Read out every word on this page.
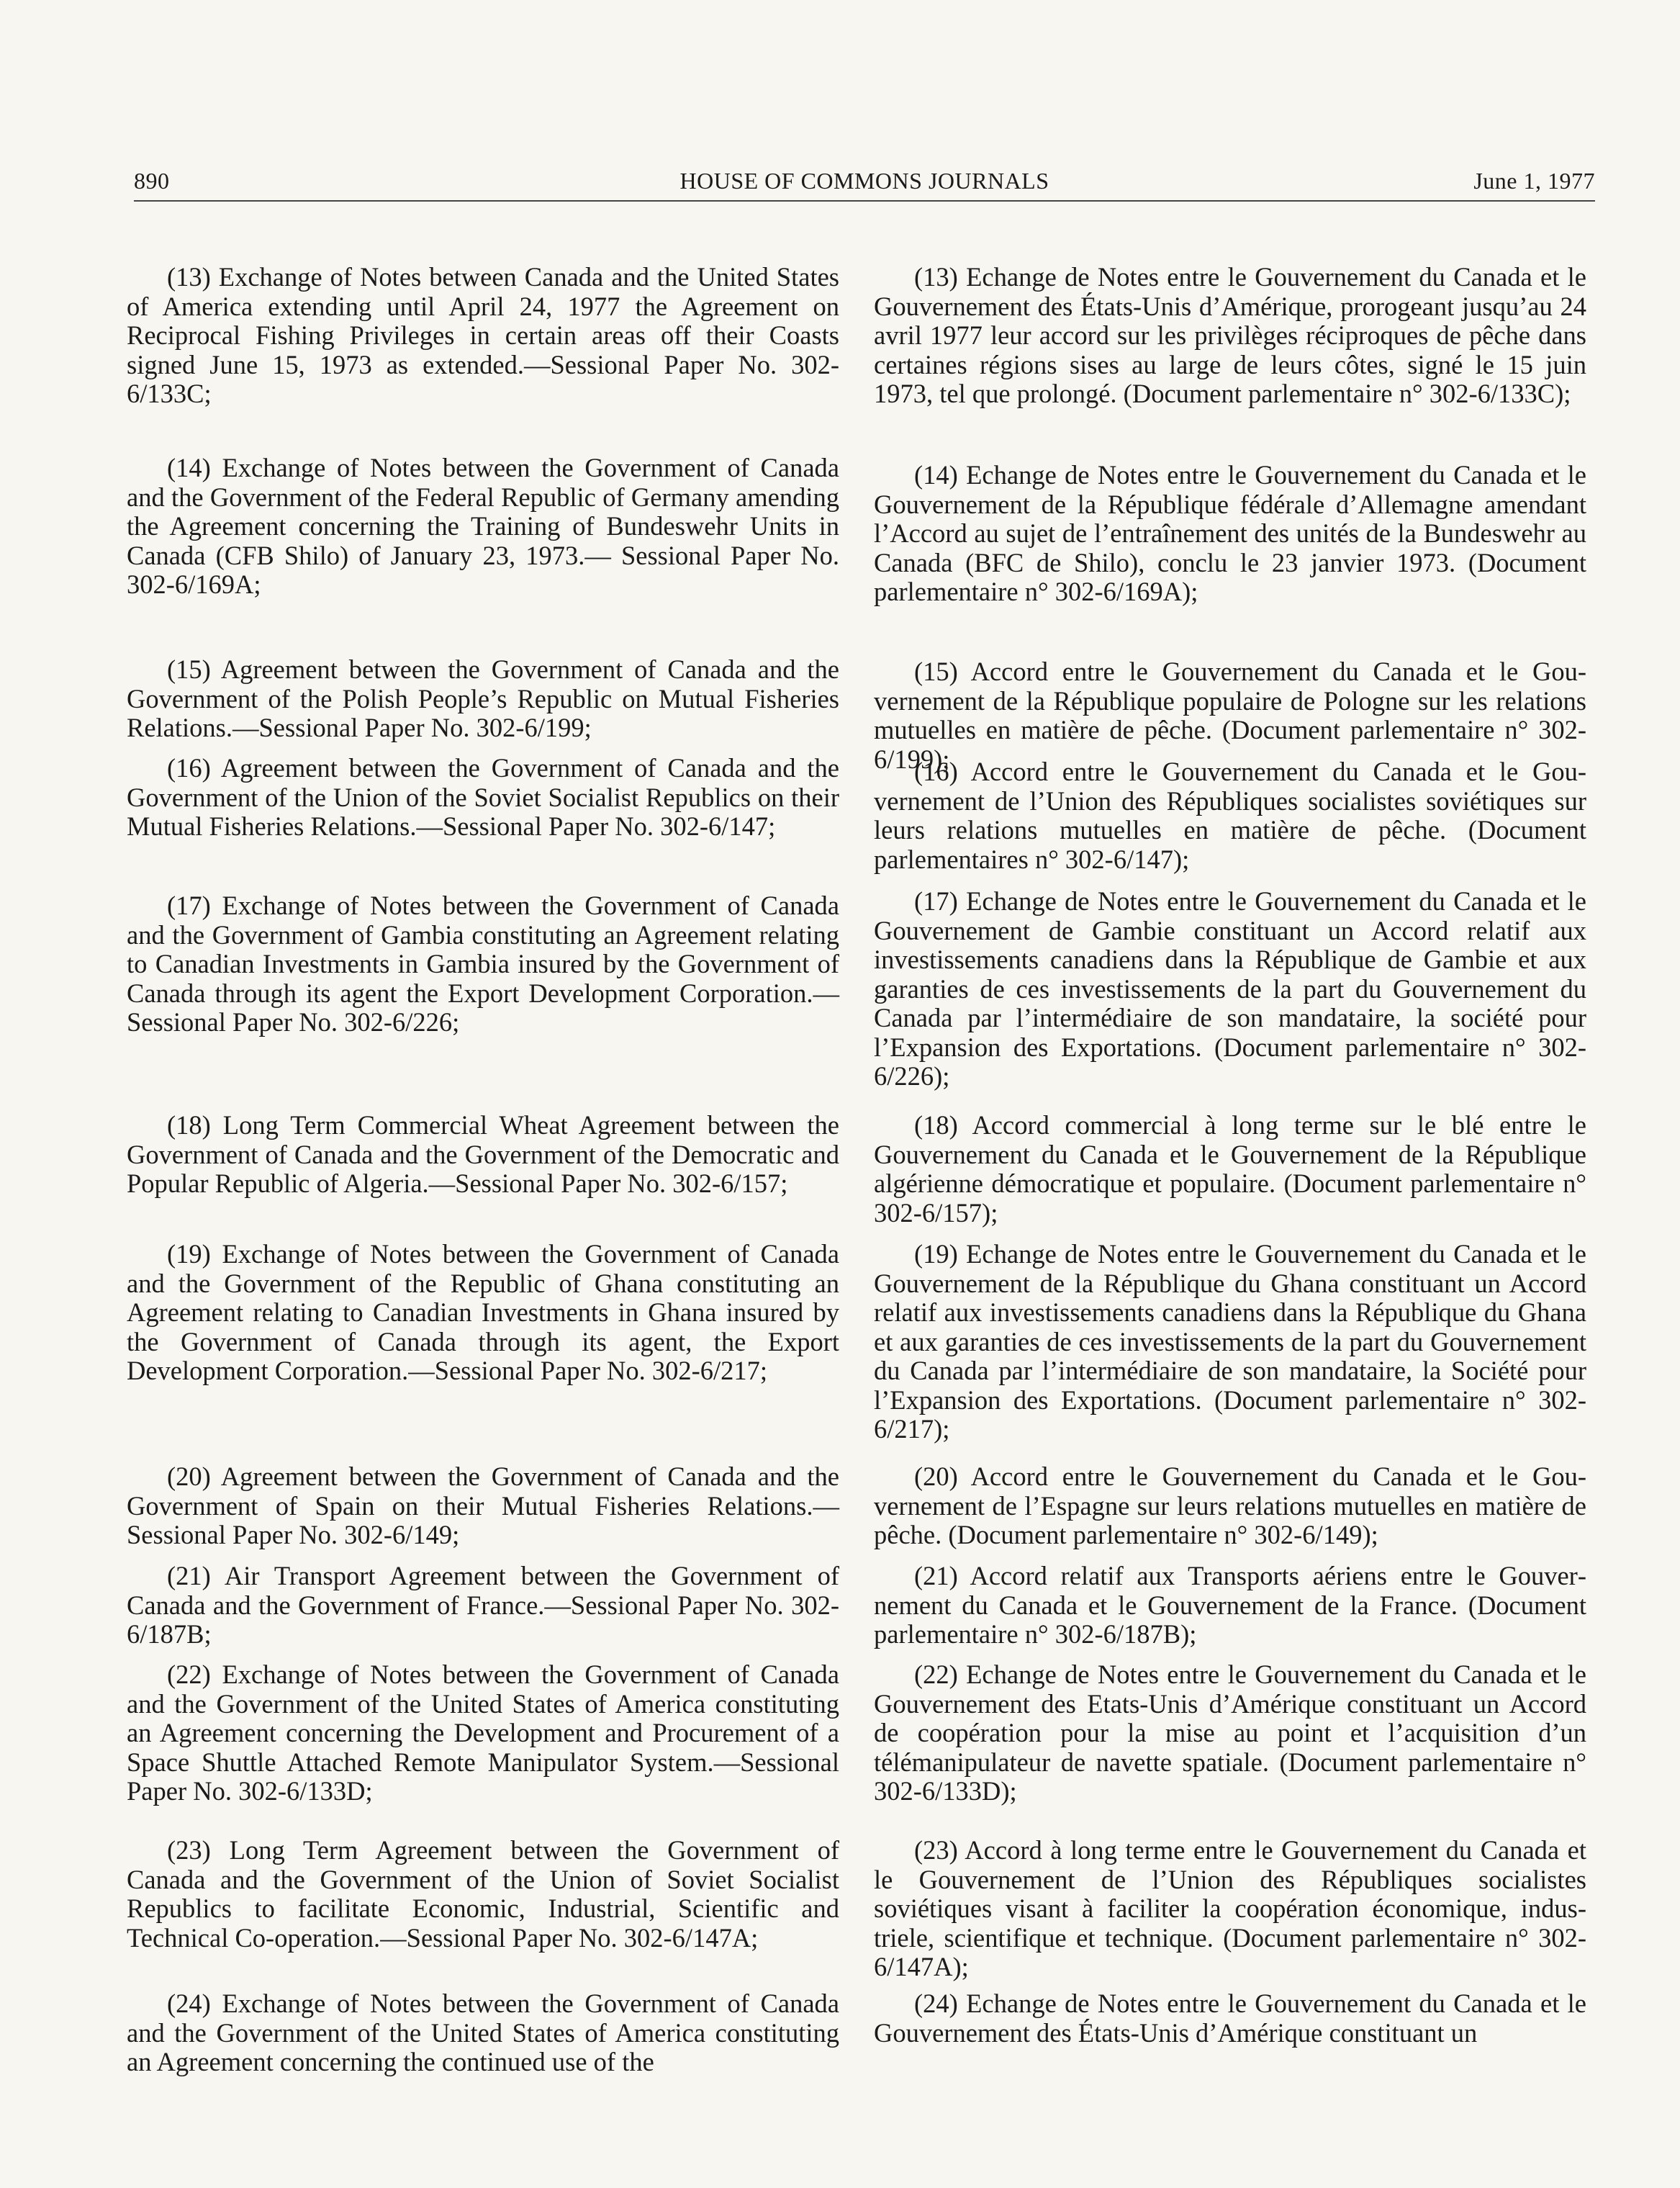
890	HOUSE OF COMMONS JOURNALS	June 1, 1977

(13) Exchange of Notes between Canada and the United States of America extending until April 24, 1977 the Agreement on Reciprocal Fishing Privileges in certain areas off their Coasts signed June 15, 1973 as extended.—Sessional Paper No. 302-6/133C;

(14) Exchange of Notes between the Government of Canada and the Government of the Federal Republic of Germany amending the Agreement concerning the Training of Bundeswehr Units in Canada (CFB Shilo) of January 23, 1973.— Sessional Paper No. 302-6/169A;

(15) Agreement between the Government of Canada and the Government of the Polish People’s Republic on Mutual Fisheries Relations.—Sessional Paper No. 302-6/199;

(16) Agreement between the Government of Canada and the Government of the Union of the Soviet Socialist Republics on their Mutual Fisheries Relations.—Sessional Paper No. 302-6/147;

(17) Exchange of Notes between the Government of Canada and the Government of Gambia constituting an Agreement relating to Canadian Investments in Gambia insured by the Government of Canada through its agent the Export Development Corporation.—Sessional Paper No. 302-6/226;

(18) Long Term Commercial Wheat Agreement between the Government of Canada and the Government of the Democratic and Popular Republic of Algeria.—Sessional Paper No. 302-6/157;

(19) Exchange of Notes between the Government of Canada and the Government of the Republic of Ghana constituting an Agreement relating to Canadian Investments in Ghana insured by the Government of Canada through its agent, the Export Development Corporation.—Sessional Paper No. 302-6/217;

(20) Agreement between the Government of Canada and the Government of Spain on their Mutual Fisheries Relations.—Sessional Paper No. 302-6/149;

(21) Air Transport Agreement between the Government of Canada and the Government of France.—Sessional Paper No. 302-6/187B;

(22) Exchange of Notes between the Government of Canada and the Government of the United States of America constituting an Agreement concerning the Development and Procurement of a Space Shuttle Attached Remote Manipulator System.—Sessional Paper No. 302-6/133D;

(23) Long Term Agreement between the Government of Canada and the Government of the Union of Soviet Socialist Republics to facilitate Economic, Industrial, Scientific and Technical Co-operation.—Sessional Paper No. 302-6/147A;

(24) Exchange of Notes between the Government of Canada and the Government of the United States of America constituting an Agreement concerning the continued use of the

(13) Echange de Notes entre le Gouvernement du Canada et le Gouvernement des États-Unis d’Amérique, prorogeant jusqu’au 24 avril 1977 leur accord sur les privilèges réciproques de pêche dans certaines régions sises au large de leurs côtes, signé le 15 juin 1973, tel que prolongé. (Document parlementaire n° 302-6/133C);

(14) Echange de Notes entre le Gouvernement du Canada et le Gouvernement de la République fédérale d’Allemagne amendant l’Accord au sujet de l’entraînement des unités de la Bundeswehr au Canada (BFC de Shilo), conclu le 23 janvier 1973. (Document parlementaire n° 302-6/169A);

(15) Accord entre le Gouvernement du Canada et le Gouvernement de la République populaire de Pologne sur les relations mutuelles en matière de pêche. (Document parlementaire n° 302-6/199);

(16) Accord entre le Gouvernement du Canada et le Gouvernement de l’Union des Républiques socialistes soviétiques sur leurs relations mutuelles en matière de pêche. (Document parlementaires n° 302-6/147);

(17) Echange de Notes entre le Gouvernement du Canada et le Gouvernement de Gambie constituant un Accord relatif aux investissements canadiens dans la République de Gambie et aux garanties de ces investissements de la part du Gouvernement du Canada par l’intermédiaire de son mandataire, la société pour l’Expansion des Exportations. (Document parlementaire n° 302-6/226);

(18) Accord commercial à long terme sur le blé entre le Gouvernement du Canada et le Gouvernement de la République algérienne démocratique et populaire. (Document parlementaire n° 302-6/157);

(19) Echange de Notes entre le Gouvernement du Canada et le Gouvernement de la République du Ghana constituant un Accord relatif aux investissements canadiens dans la République du Ghana et aux garanties de ces investissements de la part du Gouvernement du Canada par l’intermédiaire de son mandataire, la Société pour l’Expansion des Exportations. (Document parlementaire n° 302-6/217);

(20) Accord entre le Gouvernement du Canada et le Gouvernement de l’Espagne sur leurs relations mutuelles en matière de pêche. (Document parlementaire n° 302-6/149);

(21) Accord relatif aux Transports aériens entre le Gouvernement du Canada et le Gouvernement de la France. (Document parlementaire n° 302-6/187B);

(22) Echange de Notes entre le Gouvernement du Canada et le Gouvernement des Etats-Unis d’Amérique constituant un Accord de coopération pour la mise au point et l’acquisition d’un télémanipulateur de navette spatiale. (Document parlementaire n° 302-6/133D);

(23) Accord à long terme entre le Gouvernement du Canada et le Gouvernement de l’Union des Républiques socialistes soviétiques visant à faciliter la coopération économique, industriele, scientifique et technique. (Document parlementaire n° 302-6/147A);

(24) Echange de Notes entre le Gouvernement du Canada et le Gouvernement des États-Unis d’Amérique constituant un
